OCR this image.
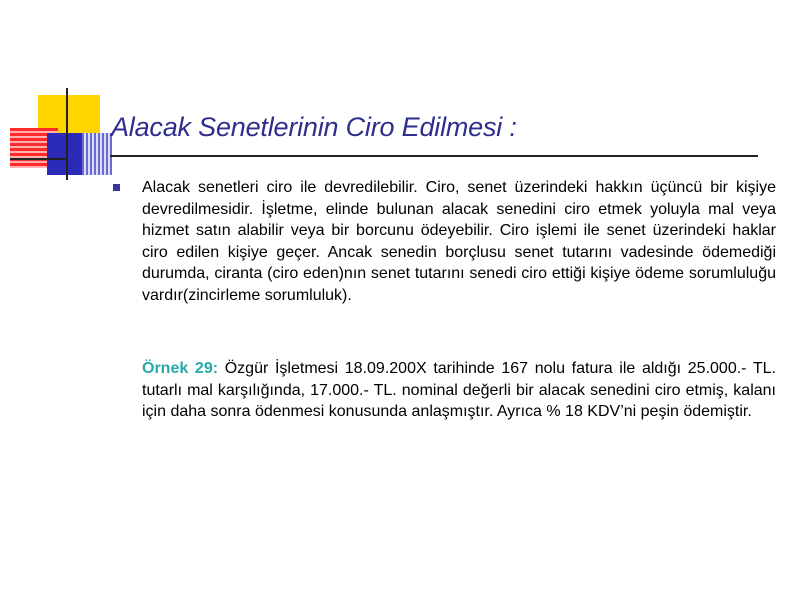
Alacak Senetlerinin Ciro Edilmesi :

Alacak senetleri ciro ile devredilebilir. Ciro, senet üzerindeki hakkın üçüncü bir kişiye devredilmesidir. İşletme, elinde bulunan alacak senedini ciro etmek yoluyla mal veya hizmet satın alabilir veya bir borcunu ödeyebilir. Ciro işlemi ile senet üzerindeki haklar ciro edilen kişiye geçer. Ancak senedin borçlusu senet tutarını vadesinde ödemediği durumda, ciranta (ciro eden)nın senet tutarını senedi ciro ettiği kişiye ödeme sorumluluğu vardır(zincirleme sorumluluk).

Örnek 29: Özgür İşletmesi 18.09.200X tarihinde 167 nolu fatura ile aldığı 25.000.- TL. tutarlı mal karşılığında, 17.000.- TL. nominal değerli bir alacak senedini ciro etmiş, kalanı için daha sonra ödenmesi konusunda anlaşmıştır. Ayrıca % 18 KDV’ni peşin ödemiştir.
